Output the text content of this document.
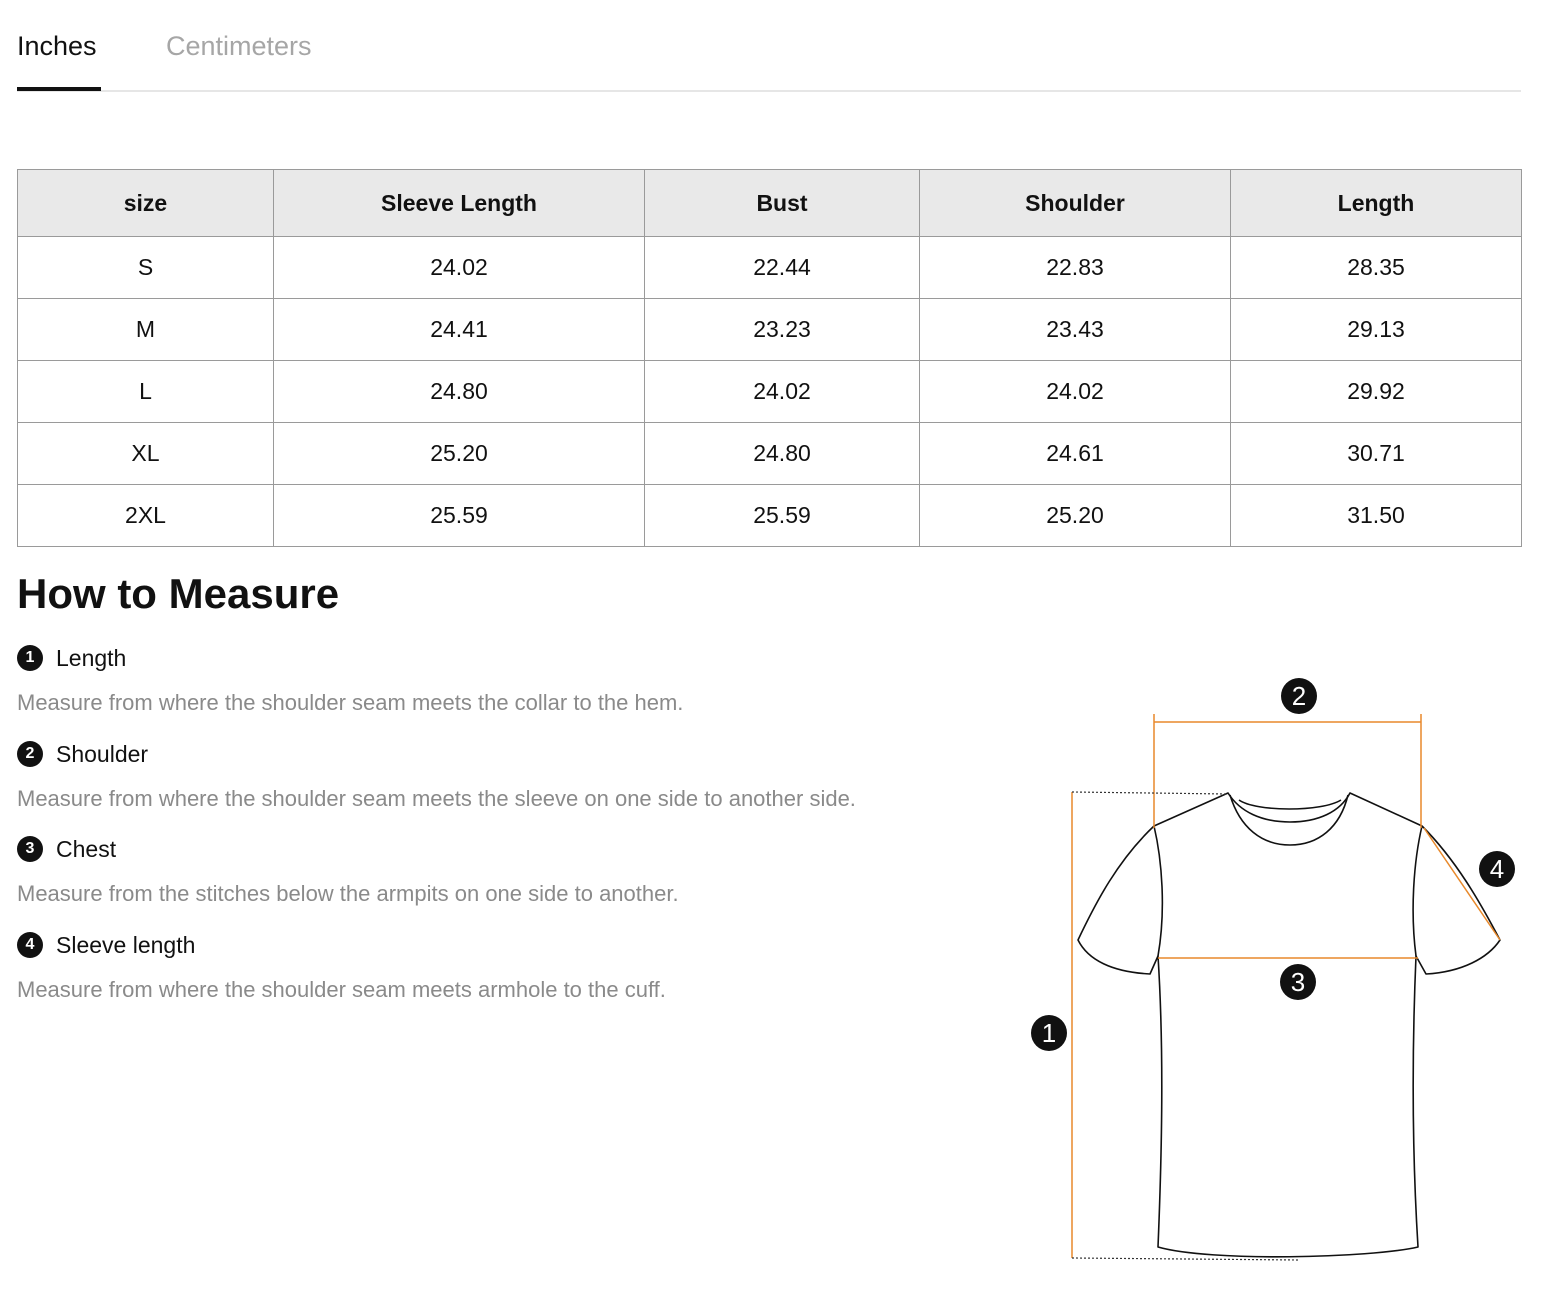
Inches	Centimeters
size	Sleeve Length	Bust	Shoulder	Length
S	24.02	22.44	22.83	28.35
M	24.41	23.23	23.43	29.13
L	24.80	24.02	24.02	29.92
XL	25.20	24.80	24.61	30.71
2XL	25.59	25.59	25.20	31.50
How to Measure
1 Length
Measure from where the shoulder seam meets the collar to the hem.
2 Shoulder
Measure from where the shoulder seam meets the sleeve on one side to another side.
3 Chest
Measure from the stitches below the armpits on one side to another.
4 Sleeve length
Measure from where the shoulder seam meets armhole to the cuff.
1
2
3
4
